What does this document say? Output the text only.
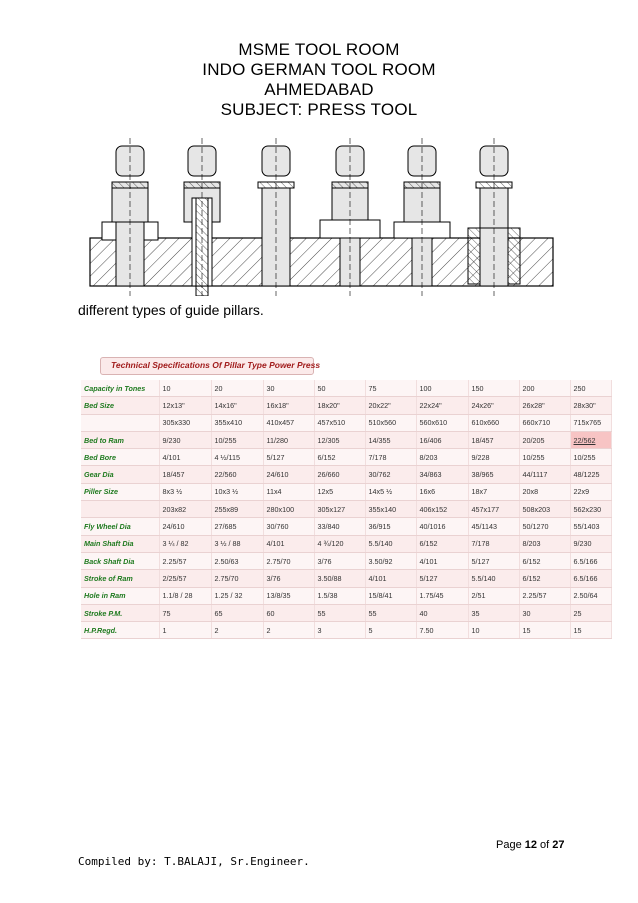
MSME TOOL ROOM
INDO GERMAN TOOL ROOM
AHMEDABAD
SUBJECT: PRESS TOOL
different types of guide pillars.
Technical Specifications Of Pillar Type Power Press
Capacity in Tones	10	20	30	50	75	100	150	200	250
Bed Size	12x13"	14x16"	16x18"	18x20"	20x22"	22x24"	24x26"	26x28"	28x30"
	305x330	355x410	410x457	457x510	510x560	560x610	610x660	660x710	715x765
Bed to Ram	9/230	10/255	11/280	12/305	14/355	16/406	18/457	20/205	22/562
Bed Bore	4/101	4 ½/115	5/127	6/152	7/178	8/203	9/228	10/255	10/255
Gear Dia	18/457	22/560	24/610	26/660	30/762	34/863	38/965	44/1117	48/1225
Piller Size	8x3 ½	10x3 ½	11x4	12x5	14x5 ½	16x6	18x7	20x8	22x9
	203x82	255x89	280x100	305x127	355x140	406x152	457x177	508x203	562x230
Fly Wheel Dia	24/610	27/685	30/760	33/840	36/915	40/1016	45/1143	50/1270	55/1403
Main Shaft Dia	3 ¼ / 82	3 ½ / 88	4/101	4 ¾/120	5.5/140	6/152	7/178	8/203	9/230
Back Shaft Dia	2.25/57	2.50/63	2.75/70	3/76	3.50/92	4/101	5/127	6/152	6.5/166
Stroke of Ram	2/25/57	2.75/70	3/76	3.50/88	4/101	5/127	5.5/140	6/152	6.5/166
Hole in Ram	1.1/8 / 28	1.25 / 32	13/8/35	1.5/38	15/8/41	1.75/45	2/51	2.25/57	2.50/64
Stroke P.M.	75	65	60	55	55	40	35	30	25
H.P.Regd.	1	2	2	3	5	7.50	10	15	15
Page 12 of 27
Compiled by: T.BALAJI, Sr.Engineer.
